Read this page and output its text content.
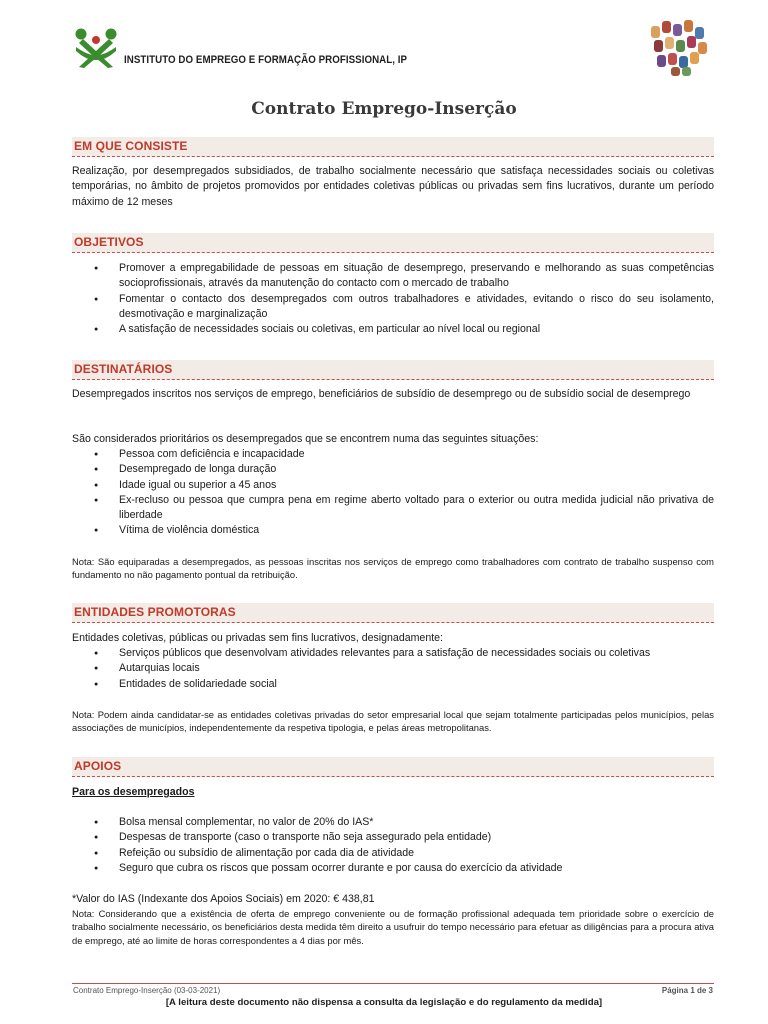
INSTITUTO DO EMPREGO E FORMAÇÃO PROFISSIONAL, IP
Contrato Emprego-Inserção
EM QUE CONSISTE
Realização, por desempregados subsidiados, de trabalho socialmente necessário que satisfaça necessidades sociais ou coletivas temporárias, no âmbito de projetos promovidos por entidades coletivas públicas ou privadas sem fins lucrativos, durante um período máximo de 12 meses
OBJETIVOS
● Promover a empregabilidade de pessoas em situação de desemprego, preservando e melhorando as suas competências socioprofissionais, através da manutenção do contacto com o mercado de trabalho
● Fomentar o contacto dos desempregados com outros trabalhadores e atividades, evitando o risco do seu isolamento, desmotivação e marginalização
● A satisfação de necessidades sociais ou coletivas, em particular ao nível local ou regional
DESTINATÁRIOS
Desempregados inscritos nos serviços de emprego, beneficiários de subsídio de desemprego ou de subsídio social de desemprego
São considerados prioritários os desempregados que se encontrem numa das seguintes situações:
● Pessoa com deficiência e incapacidade
● Desempregado de longa duração
● Idade igual ou superior a 45 anos
● Ex-recluso ou pessoa que cumpra pena em regime aberto voltado para o exterior ou outra medida judicial não privativa de liberdade
● Vítima de violência doméstica
Nota: São equiparadas a desempregados, as pessoas inscritas nos serviços de emprego como trabalhadores com contrato de trabalho suspenso com fundamento no não pagamento pontual da retribuição.
ENTIDADES PROMOTORAS
Entidades coletivas, públicas ou privadas sem fins lucrativos, designadamente:
● Serviços públicos que desenvolvam atividades relevantes para a satisfação de necessidades sociais ou coletivas
● Autarquias locais
● Entidades de solidariedade social
Nota: Podem ainda candidatar-se as entidades coletivas privadas do setor empresarial local que sejam totalmente participadas pelos municípios, pelas associações de municípios, independentemente da respetiva tipologia, e pelas áreas metropolitanas.
APOIOS
Para os desempregados
● Bolsa mensal complementar, no valor de 20% do IAS*
● Despesas de transporte (caso o transporte não seja assegurado pela entidade)
● Refeição ou subsídio de alimentação por cada dia de atividade
● Seguro que cubra os riscos que possam ocorrer durante e por causa do exercício da atividade
*Valor do IAS (Indexante dos Apoios Sociais) em 2020: € 438,81
Nota: Considerando que a existência de oferta de emprego conveniente ou de formação profissional adequada tem prioridade sobre o exercício de trabalho socialmente necessário, os beneficiários desta medida têm direito a usufruir do tempo necessário para efetuar as diligências para a procura ativa de emprego, até ao limite de horas correspondentes a 4 dias por mês.
Contrato Emprego-Inserção (03-03-2021)	Página 1 de 3
[A leitura deste documento não dispensa a consulta da legislação e do regulamento da medida]
